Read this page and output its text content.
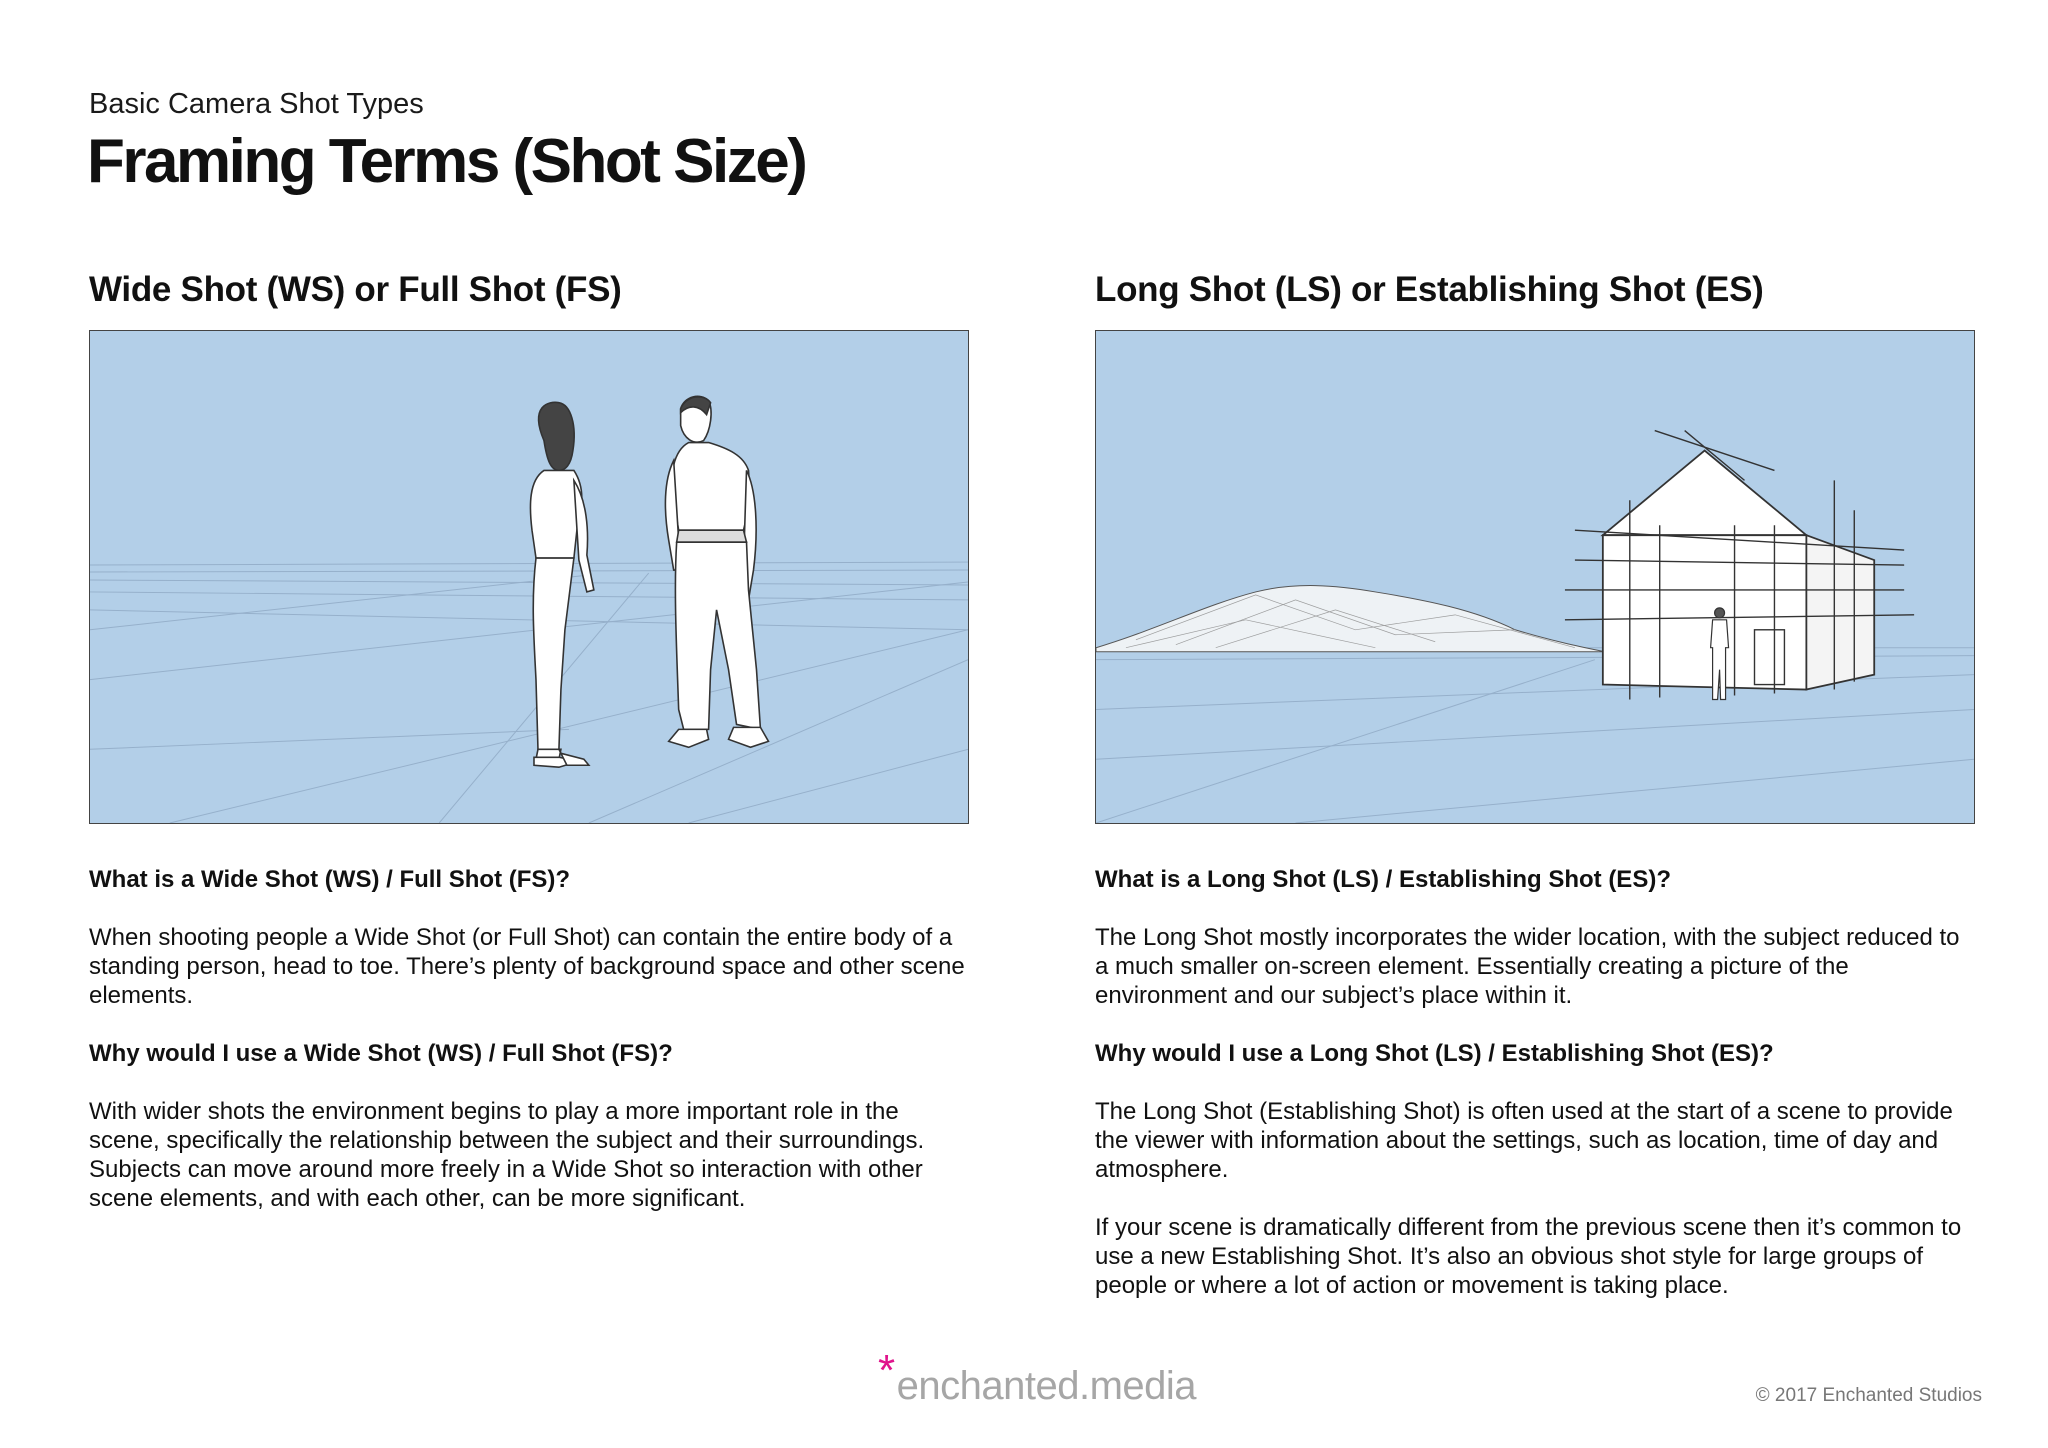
Basic Camera Shot Types
Framing Terms (Shot Size)
Wide Shot (WS) or Full Shot (FS)

What is a Wide Shot (WS) / Full Shot (FS)?

When shooting people a Wide Shot (or Full Shot) can contain the entire body of a standing person, head to toe. There’s plenty of background space and other scene elements.

Why would I use a Wide Shot (WS) / Full Shot (FS)?

With wider shots the environment begins to play a more important role in the scene, specifically the relationship between the subject and their surroundings. Subjects can move around more freely in a Wide Shot so interaction with other scene elements, and with each other, can be more significant.

Long Shot (LS) or Establishing Shot (ES)

What is a Long Shot (LS) / Establishing Shot (ES)?

The Long Shot mostly incorporates the wider location, with the subject reduced to a much smaller on-screen element. Essentially creating a picture of the environment and our subject’s place within it.

Why would I use a Long Shot (LS) / Establishing Shot (ES)?

The Long Shot (Establishing Shot) is often used at the start of a scene to provide the viewer with information about the settings, such as location, time of day and atmosphere.

If your scene is dramatically different from the previous scene then it’s common to use a new Establishing Shot. It’s also an obvious shot style for large groups of people or where a lot of action or movement is taking place.

*enchanted.media	© 2017 Enchanted Studios
